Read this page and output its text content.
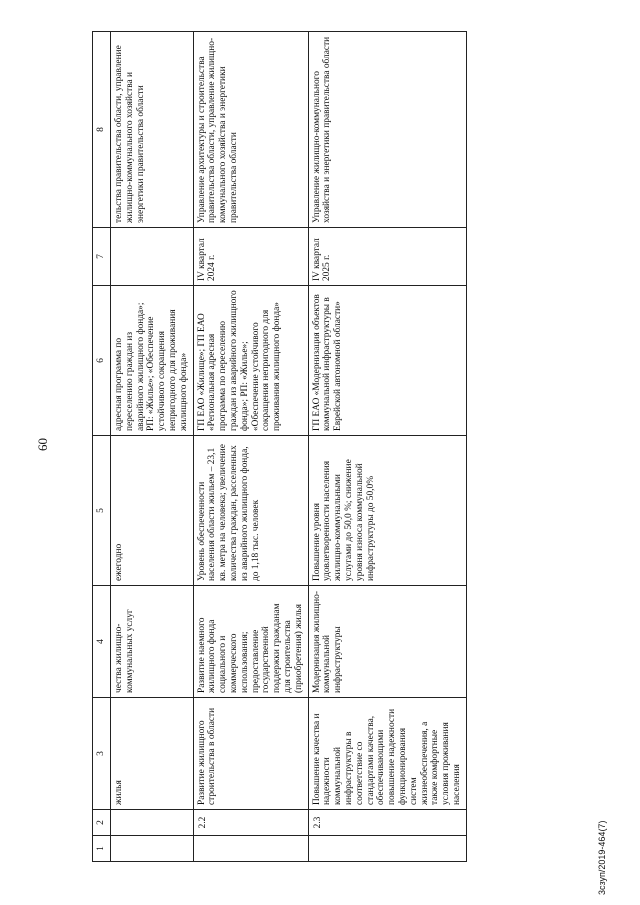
60
3сзуп/2019-464(7)
1	2	3	4	5	6	7	8
		жилья	чества жилищно-коммунальных услуг	ежегодно	адресная программа по переселению граждан из аварийного жилищного фонда»; РП: «Жилье»; «Обеспечение устойчивого сокращения непригодного для проживания жилищного фонда»		тельства правительства области, управление жилищно-коммунального хозяйства и энергетики правительства области
	2.2	Развитие жилищного строительства в области	Развитие наемного жилищного фонда социального и коммерческого использования; предоставление государственной поддержки гражданам для строительства (приобретения) жилья	Уровень обеспеченности населения области жильем – 23,1 кв. метра на человека; увеличение количества граждан, расселенных из аварийного жилищного фонда, до 1,18 тыс. человек	ГП ЕАО «Жилище»; ГП ЕАО «Региональная адресная программа по переселению граждан из аварийного жилищного фонда»; РП: «Жилье»; «Обеспечение устойчивого сокращения непригодного для проживания жилищного фонда»	IV квартал 2024 г.	Управление архитектуры и строительства правительства области, управление жилищно-коммунального хозяйства и энергетики правительства области
	2.3	Повышение качества и надежности коммунальной инфраструктуры в соответствие со стандартами качества, обеспечивающими повышение надежности функционирования систем жизнеобеспечения, а также комфортные условия проживания населения	Модернизация жилищно-коммунальной инфраструктуры	Повышение уровня удовлетворенности населения жилищно-коммунальными услугами до 50,0 %; снижение уровня износа коммунальной инфраструктуры до 50,0%	ГП ЕАО «Модернизация объектов коммунальной инфраструктуры в Еврейской автономной области»	IV квартал 2025 г.	Управление жилищно-коммунального хозяйства и энергетики правительства области
